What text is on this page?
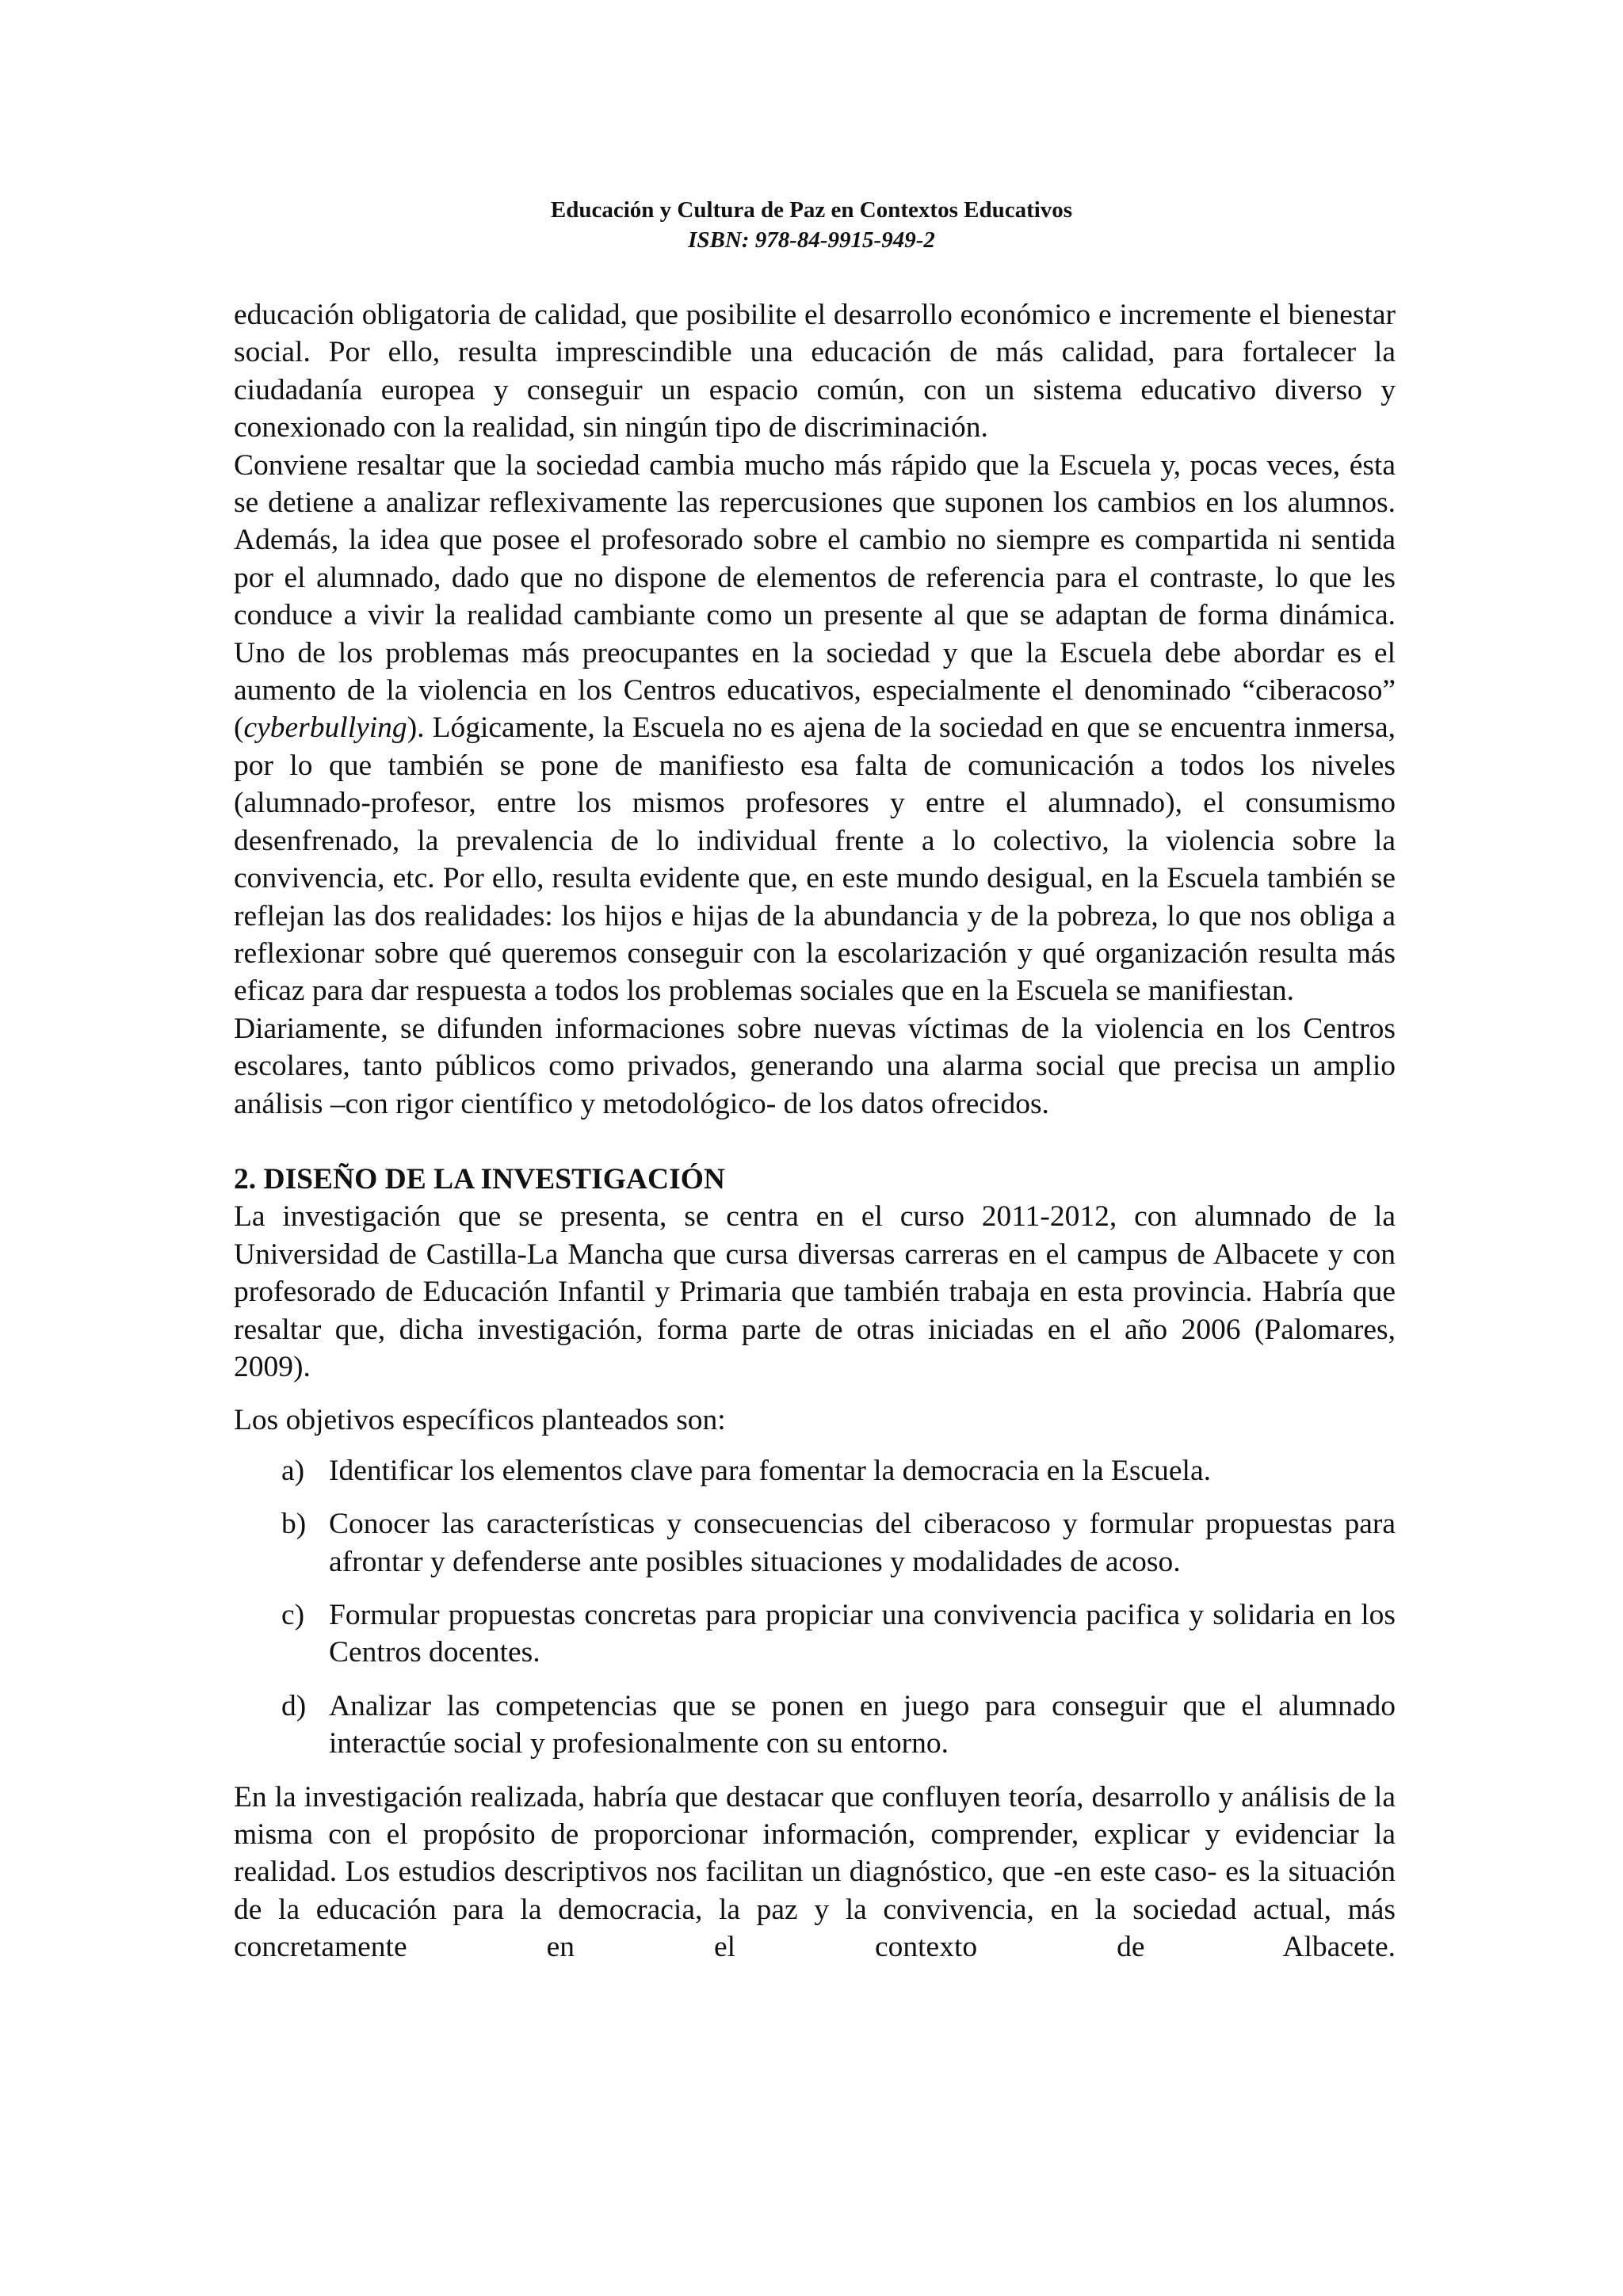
Educación y Cultura de Paz en Contextos Educativos
ISBN: 978-84-9915-949-2

educación obligatoria de calidad, que posibilite el desarrollo económico e incremente el bienestar social. Por ello, resulta imprescindible una educación de más calidad, para fortalecer la ciudadanía europea y conseguir un espacio común, con un sistema educativo diverso y conexionado con la realidad, sin ningún tipo de discriminación.

Conviene resaltar que la sociedad cambia mucho más rápido que la Escuela y, pocas veces, ésta se detiene a analizar reflexivamente las repercusiones que suponen los cambios en los alumnos. Además, la idea que posee el profesorado sobre el cambio no siempre es compartida ni sentida por el alumnado, dado que no dispone de elementos de referencia para el contraste, lo que les conduce a vivir la realidad cambiante como un presente al que se adaptan de forma dinámica. Uno de los problemas más preocupantes en la sociedad y que la Escuela debe abordar es el aumento de la violencia en los Centros educativos, especialmente el denominado “ciberacoso” (cyberbullying). Lógicamente, la Escuela no es ajena de la sociedad en que se encuentra inmersa, por lo que también se pone de manifiesto esa falta de comunicación a todos los niveles (alumnado-profesor, entre los mismos profesores y entre el alumnado), el consumismo desenfrenado, la prevalencia de lo individual frente a lo colectivo, la violencia sobre la convivencia, etc. Por ello, resulta evidente que, en este mundo desigual, en la Escuela también se reflejan las dos realidades: los hijos e hijas de la abundancia y de la pobreza, lo que nos obliga a reflexionar sobre qué queremos conseguir con la escolarización y qué organización resulta más eficaz para dar respuesta a todos los problemas sociales que en la Escuela se manifiestan.

Diariamente, se difunden informaciones sobre nuevas víctimas de la violencia en los Centros escolares, tanto públicos como privados, generando una alarma social que precisa un amplio análisis –con rigor científico y metodológico- de los datos ofrecidos.

2. DISEÑO DE LA INVESTIGACIÓN

La investigación que se presenta, se centra en el curso 2011-2012, con alumnado de la Universidad de Castilla-La Mancha que cursa diversas carreras en el campus de Albacete y con profesorado de Educación Infantil y Primaria que también trabaja en esta provincia. Habría que resaltar que, dicha investigación, forma parte de otras iniciadas en el año 2006 (Palomares, 2009).

Los objetivos específicos planteados son:

a) Identificar los elementos clave para fomentar la democracia en la Escuela.
b) Conocer las características y consecuencias del ciberacoso y formular propuestas para afrontar y defenderse ante posibles situaciones y modalidades de acoso.
c) Formular propuestas concretas para propiciar una convivencia pacifica y solidaria en los Centros docentes.
d) Analizar las competencias que se ponen en juego para conseguir que el alumnado interactúe social y profesionalmente con su entorno.

En la investigación realizada, habría que destacar que confluyen teoría, desarrollo y análisis de la misma con el propósito de proporcionar información, comprender, explicar y evidenciar la realidad. Los estudios descriptivos nos facilitan un diagnóstico, que -en este caso- es la situación de la educación para la democracia, la paz y la convivencia, en la sociedad actual, más concretamente en el contexto de Albacete.
